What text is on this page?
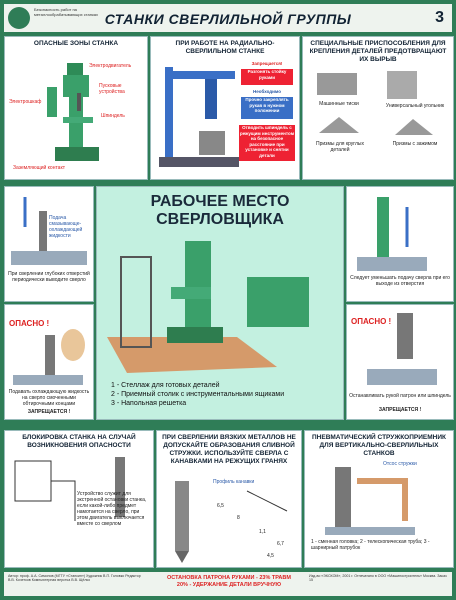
Безопасность работ на металлообрабатывающих станках СТАНКИ СВЕРЛИЛЬНОЙ ГРУППЫ	3
ОПАСНЫЕ ЗОНЫ СТАНКА
Электродвигатель
Электрошкаф
Пусковые устройства
Шпиндель
Заземляющий контакт
ПРИ РАБОТЕ НА РАДИАЛЬНО-СВЕРЛИЛЬНОМ СТАНКЕ
Запрещается!
Разгонять стойку руками
Необходимо
Прочно закреплять рукав в нужном положении
Отводить шпиндель с режущим инструментом на безопасное расстояние при установке и снятии детали
СПЕЦИАЛЬНЫЕ ПРИСПОСОБЛЕНИЯ ДЛЯ КРЕПЛЕНИЯ ДЕТАЛЕЙ ПРЕДОТВРАЩАЮТ ИХ ВЫРЫВ
Машинные тиски	Универсальный угольник
Призмы для круглых деталей
Призмы с зажимом
Подача смазывающе-охлаждающей жидкости
При сверлении глубоких отверстий периодически выводите сверло
РАБОЧЕЕ МЕСТО
СВЕРЛОВЩИКА
1 - Стеллаж для готовых деталей
2 - Приемный столик с инструментальными ящиками
3 - Напольная решетка
Следует уменьшать подачу сверла при его выходе из отверстия
ОПАСНО !
Подавать охлаждающую жидкость на сверло смоченными обтирочными концами
ЗАПРЕЩАЕТСЯ !
ОПАСНО !
Останавливать рукой патрон или шпиндель
ЗАПРЕЩАЕТСЯ !
БЛОКИРОВКА СТАНКА НА СЛУЧАЙ ВОЗНИКНОВЕНИЯ ОПАСНОСТИ
Устройство служит для экстренной остановки станка, если какой-либо предмет намотается на сверло, при этом двигатель выключается вместе со сверлом
ПРИ СВЕРЛЕНИИ ВЯЗКИХ МЕТАЛЛОВ НЕ ДОПУСКАЙТЕ ОБРАЗОВАНИЯ СЛИВНОЙ СТРУЖКИ. ИСПОЛЬЗУЙТЕ СВЕРЛА С КАНАВКАМИ НА РЕЖУЩИХ ГРАНЯХ
Профиль канавки
6,5
8
1,1
6,7
4,5
ПНЕВМАТИЧЕСКИЙ СТРУЖКОПРИЕМНИК ДЛЯ ВЕРТИКАЛЬНО-СВЕРЛИЛЬНЫХ СТАНКОВ
Отсос стружки
1 - сменная головка; 2 - телескопическая труба; 3 - шарнирный патрубок
Автор: проф. А.А. Симонов (МГТУ «Станкин») Художник В.П. Головко Редактор В.В. Кочетков Компьютерная верстка В.В. Щёлко	ОСТАНОВКА ПАТРОНА РУКАМИ - 23% ТРАВМ
20% - УДЕРЖАНИЕ ДЕТАЛИ ВРУЧНУЮ
Изд-во «ЭКСКОМ», 2001 г. Отпечатано в ООО «Машиностроитель» Москва. Заказ 15
